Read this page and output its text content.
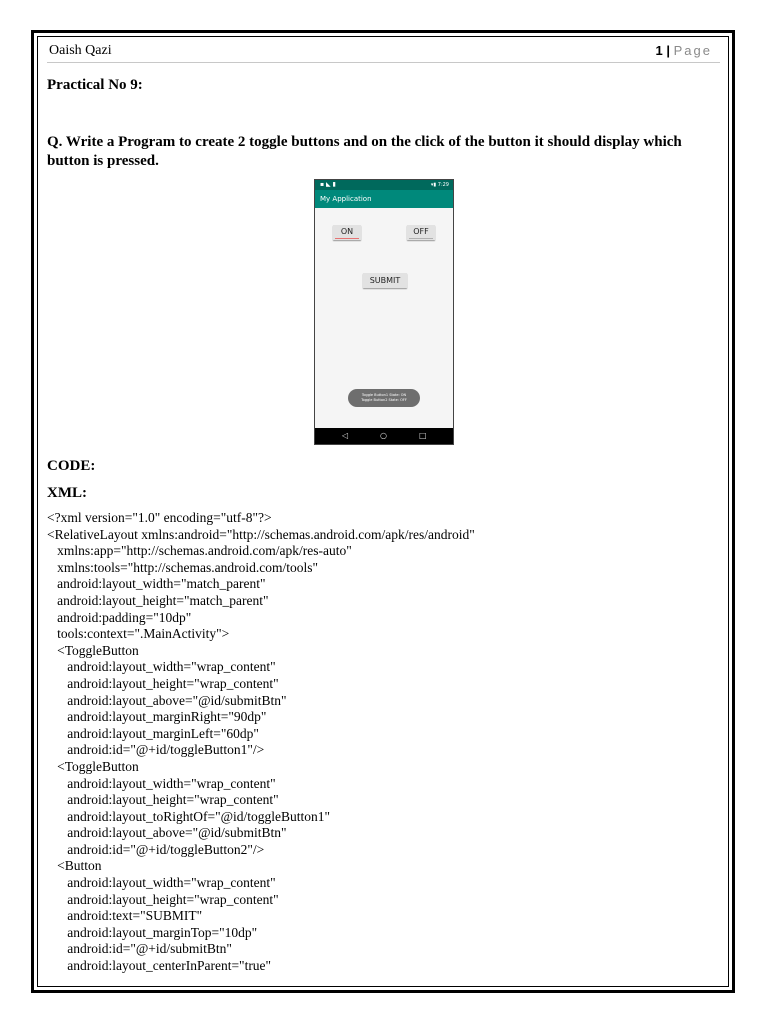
Oaish Qazi	1 | Page
Practical No 9:
Q. Write a Program to create 2 toggle buttons and on the click of the button it should display which button is pressed.
▪ ◣ ▮	▾▮ 7:29
My Application
ON	OFF
SUBMIT
Toggle Button1 State: ON
Toggle Button2 State: OFF
◁	○	□
CODE:
XML:
<?xml version="1.0" encoding="utf-8"?>
<RelativeLayout xmlns:android="http://schemas.android.com/apk/res/android"
xmlns:app="http://schemas.android.com/apk/res-auto"
xmlns:tools="http://schemas.android.com/tools"
android:layout_width="match_parent"
android:layout_height="match_parent"
android:padding="10dp"
tools:context=".MainActivity">
<ToggleButton
android:layout_width="wrap_content"
android:layout_height="wrap_content"
android:layout_above="@id/submitBtn"
android:layout_marginRight="90dp"
android:layout_marginLeft="60dp"
android:id="@+id/toggleButton1"/>
<ToggleButton
android:layout_width="wrap_content"
android:layout_height="wrap_content"
android:layout_toRightOf="@id/toggleButton1"
android:layout_above="@id/submitBtn"
android:id="@+id/toggleButton2"/>
<Button
android:layout_width="wrap_content"
android:layout_height="wrap_content"
android:text="SUBMIT"
android:layout_marginTop="10dp"
android:id="@+id/submitBtn"
android:layout_centerInParent="true"
